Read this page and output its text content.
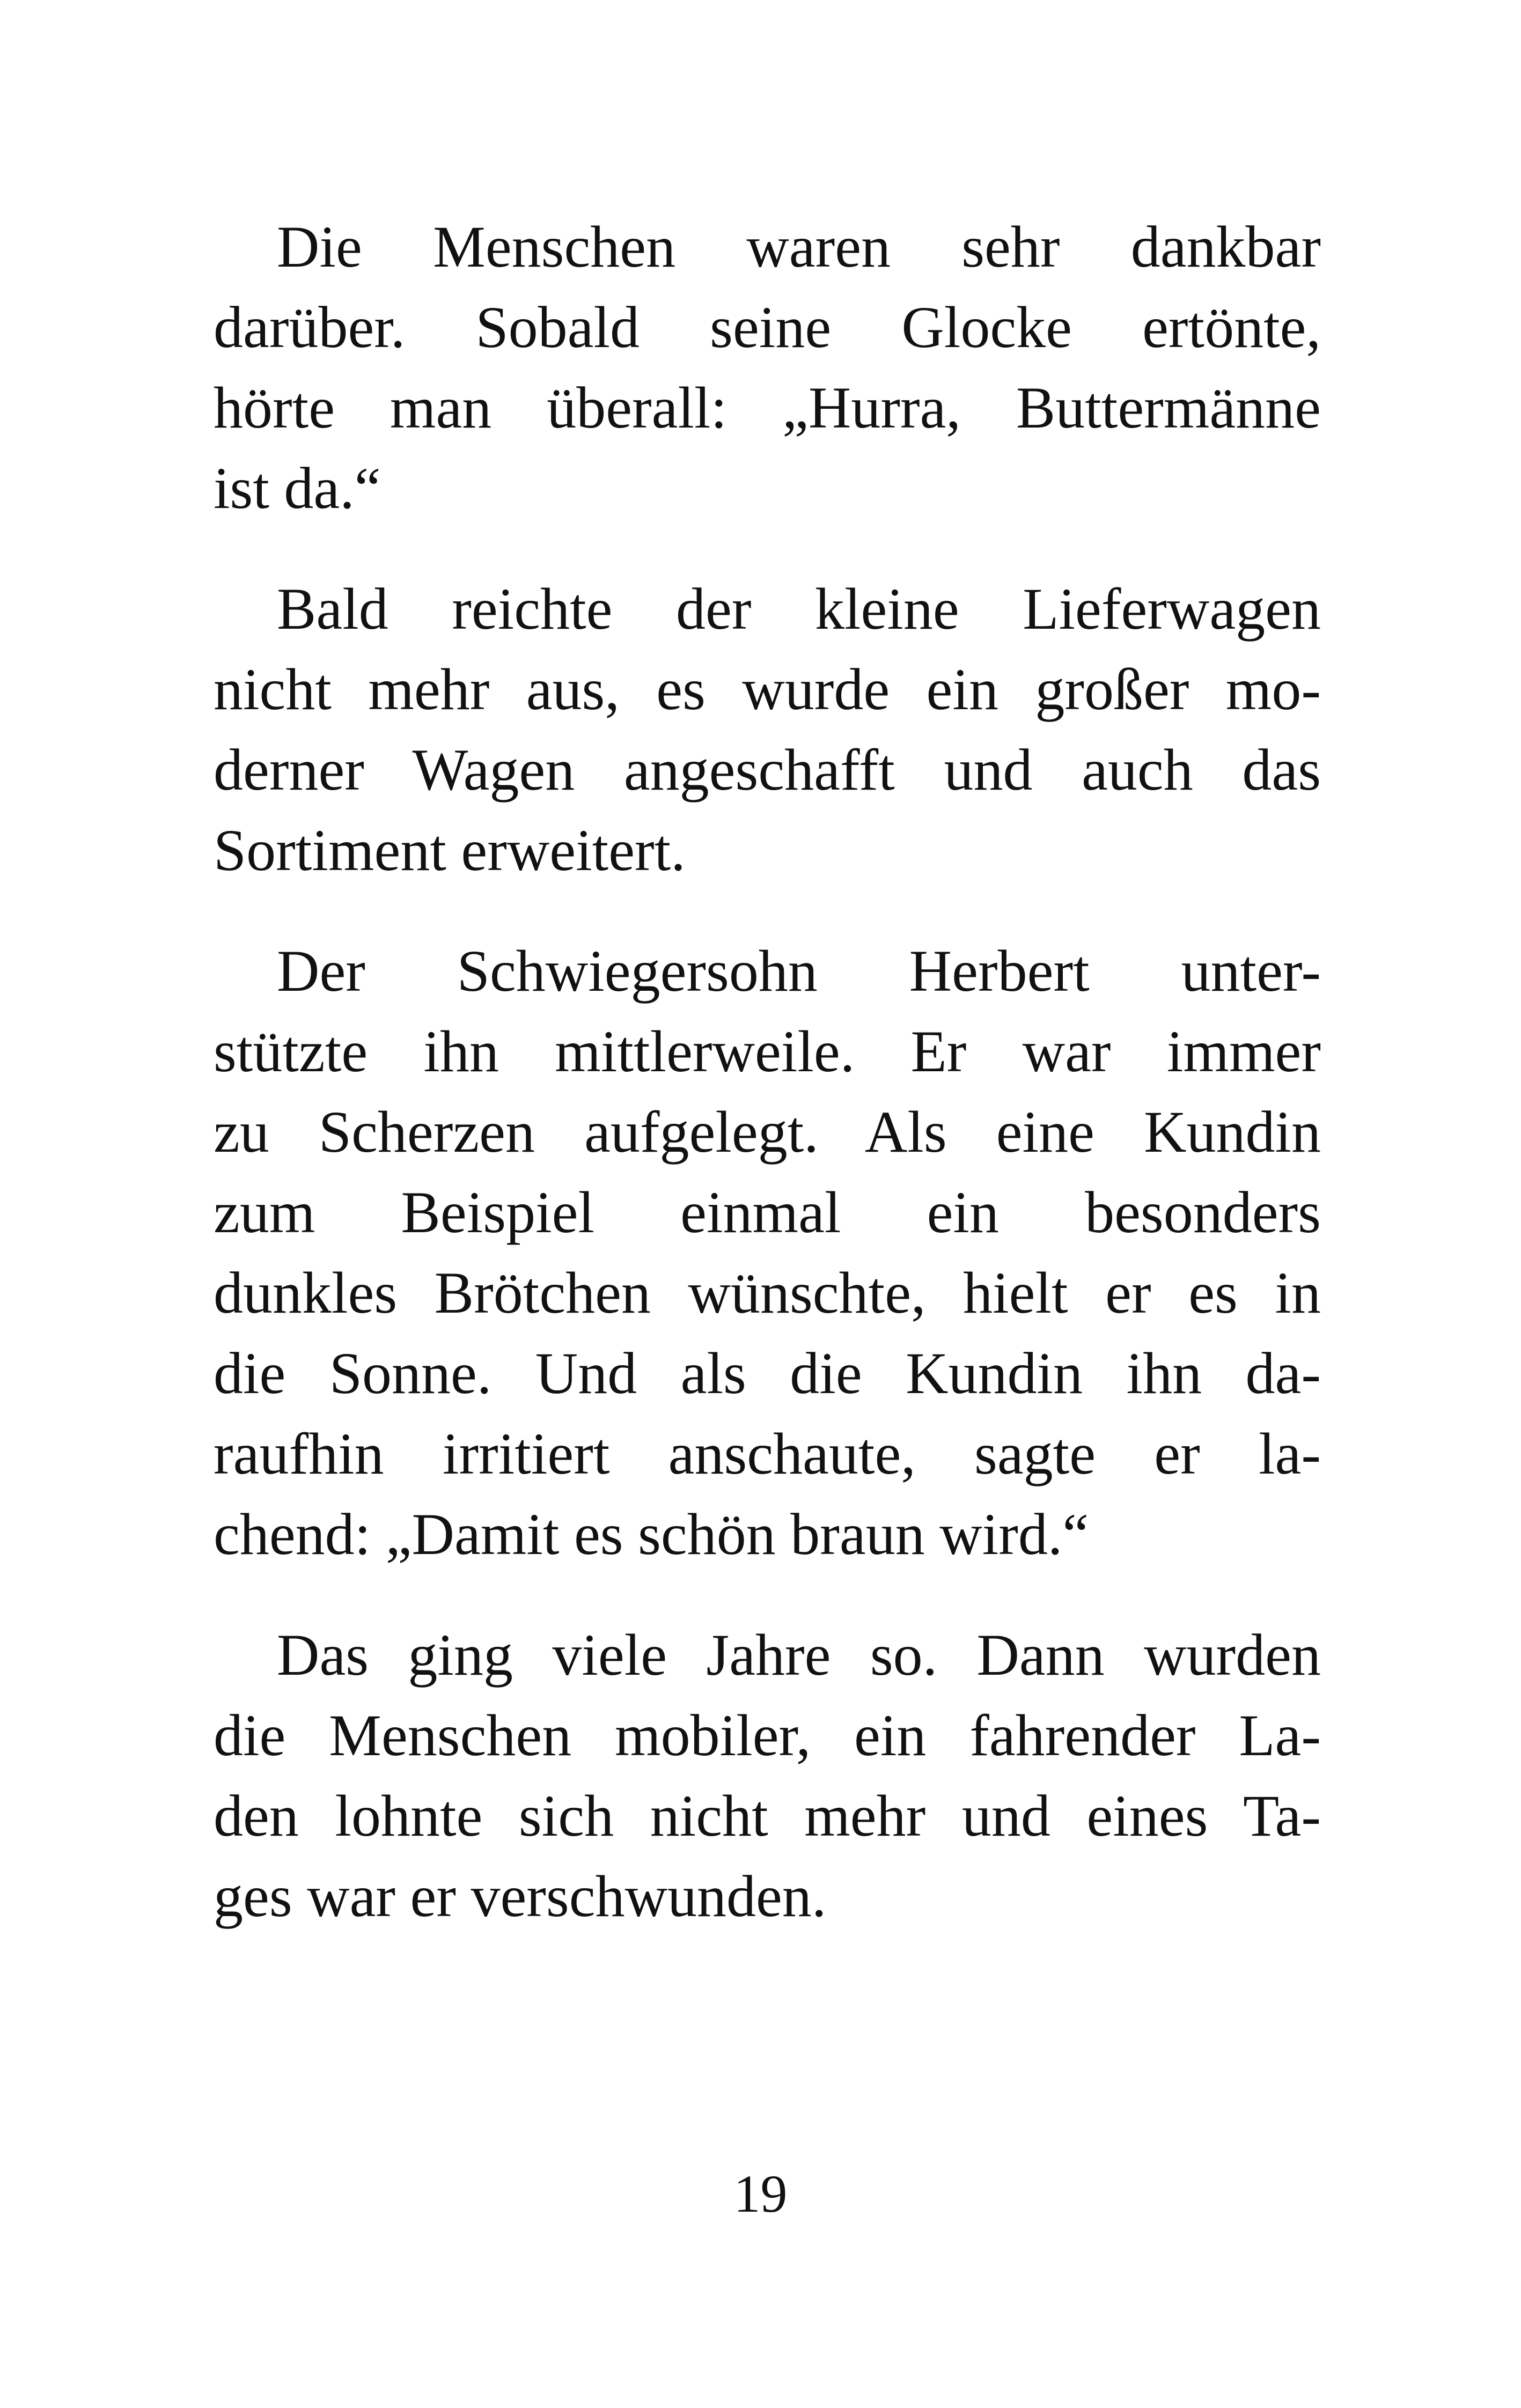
Die Menschen waren sehr dankbar
darüber. Sobald seine Glocke ertönte,
hörte man überall: „Hurra, Buttermänne
ist da.“
Bald reichte der kleine Lieferwagen
nicht mehr aus, es wurde ein großer mo-
derner Wagen angeschafft und auch das
Sortiment erweitert.
Der Schwiegersohn Herbert unter-
stützte ihn mittlerweile. Er war immer
zu Scherzen aufgelegt. Als eine Kundin
zum Beispiel einmal ein besonders
dunkles Brötchen wünschte, hielt er es in
die Sonne. Und als die Kundin ihn da-
raufhin irritiert anschaute, sagte er la-
chend: „Damit es schön braun wird.“
Das ging viele Jahre so. Dann wurden
die Menschen mobiler, ein fahrender La-
den lohnte sich nicht mehr und eines Ta-
ges war er verschwunden.
19
